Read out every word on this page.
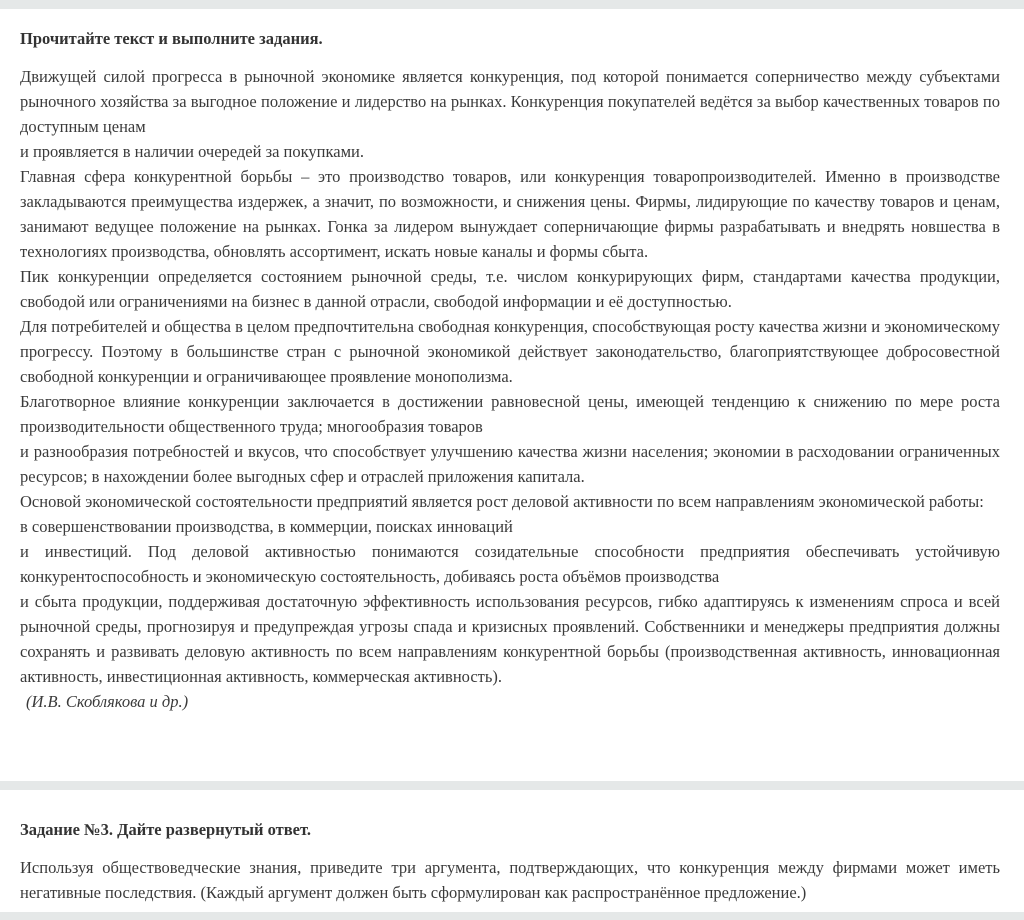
Прочитайте текст и выполните задания.

Движущей силой прогресса в рыночной экономике является конкуренция, под которой понимается соперничество между субъектами рыночного хозяйства за выгодное положение и лидерство на рынках. Конкуренция покупателей ведётся за выбор качественных товаров по доступным ценам

и проявляется в наличии очередей за покупками.

Главная сфера конкурентной борьбы – это производство товаров, или конкуренция товаропроизводителей. Именно в производстве закладываются преимущества издержек, а значит, по возможности, и снижения цены. Фирмы, лидирующие по качеству товаров и ценам, занимают ведущее положение на рынках. Гонка за лидером вынуждает соперничающие фирмы разрабатывать и внедрять новшества в технологиях производства, обновлять ассортимент, искать новые каналы и формы сбыта.

Пик конкуренции определяется состоянием рыночной среды, т.е. числом конкурирующих фирм, стандартами качества продукции, свободой или ограничениями на бизнес в данной отрасли, свободой информации и её доступностью.

Для потребителей и общества в целом предпочтительна свободная конкуренция, способствующая росту качества жизни и экономическому прогрессу. Поэтому в большинстве стран с рыночной экономикой действует законодательство, благоприятствующее добросовестной свободной конкуренции и ограничивающее проявление монополизма.

Благотворное влияние конкуренции заключается в достижении равновесной цены, имеющей тенденцию к снижению по мере роста производительности общественного труда; многообразия товаров

и разнообразия потребностей и вкусов, что способствует улучшению качества жизни населения; экономии в расходовании ограниченных ресурсов; в нахождении более выгодных сфер и отраслей приложения капитала.

Основой экономической состоятельности предприятий является рост деловой активности по всем направлениям экономической работы:

в совершенствовании производства, в коммерции, поисках инноваций

и инвестиций. Под деловой активностью понимаются созидательные способности предприятия обеспечивать устойчивую конкурентоспособность и экономическую состоятельность, добиваясь роста объёмов производства

и сбыта продукции, поддерживая достаточную эффективность использования ресурсов, гибко адаптируясь к изменениям спроса и всей рыночной среды, прогнозируя и предупреждая угрозы спада и кризисных проявлений. Собственники и менеджеры предприятия должны сохранять и развивать деловую активность по всем направлениям конкурентной борьбы (производственная активность, инновационная активность, инвестиционная активность, коммерческая активность).

(И.В. Скоблякова и др.)

Задание №3. Дайте развернутый ответ.

Используя обществоведческие знания, приведите три аргумента, подтверждающих, что конкуренция между фирмами может иметь негативные последствия. (Каждый аргумент должен быть сформулирован как распространённое предложение.)
